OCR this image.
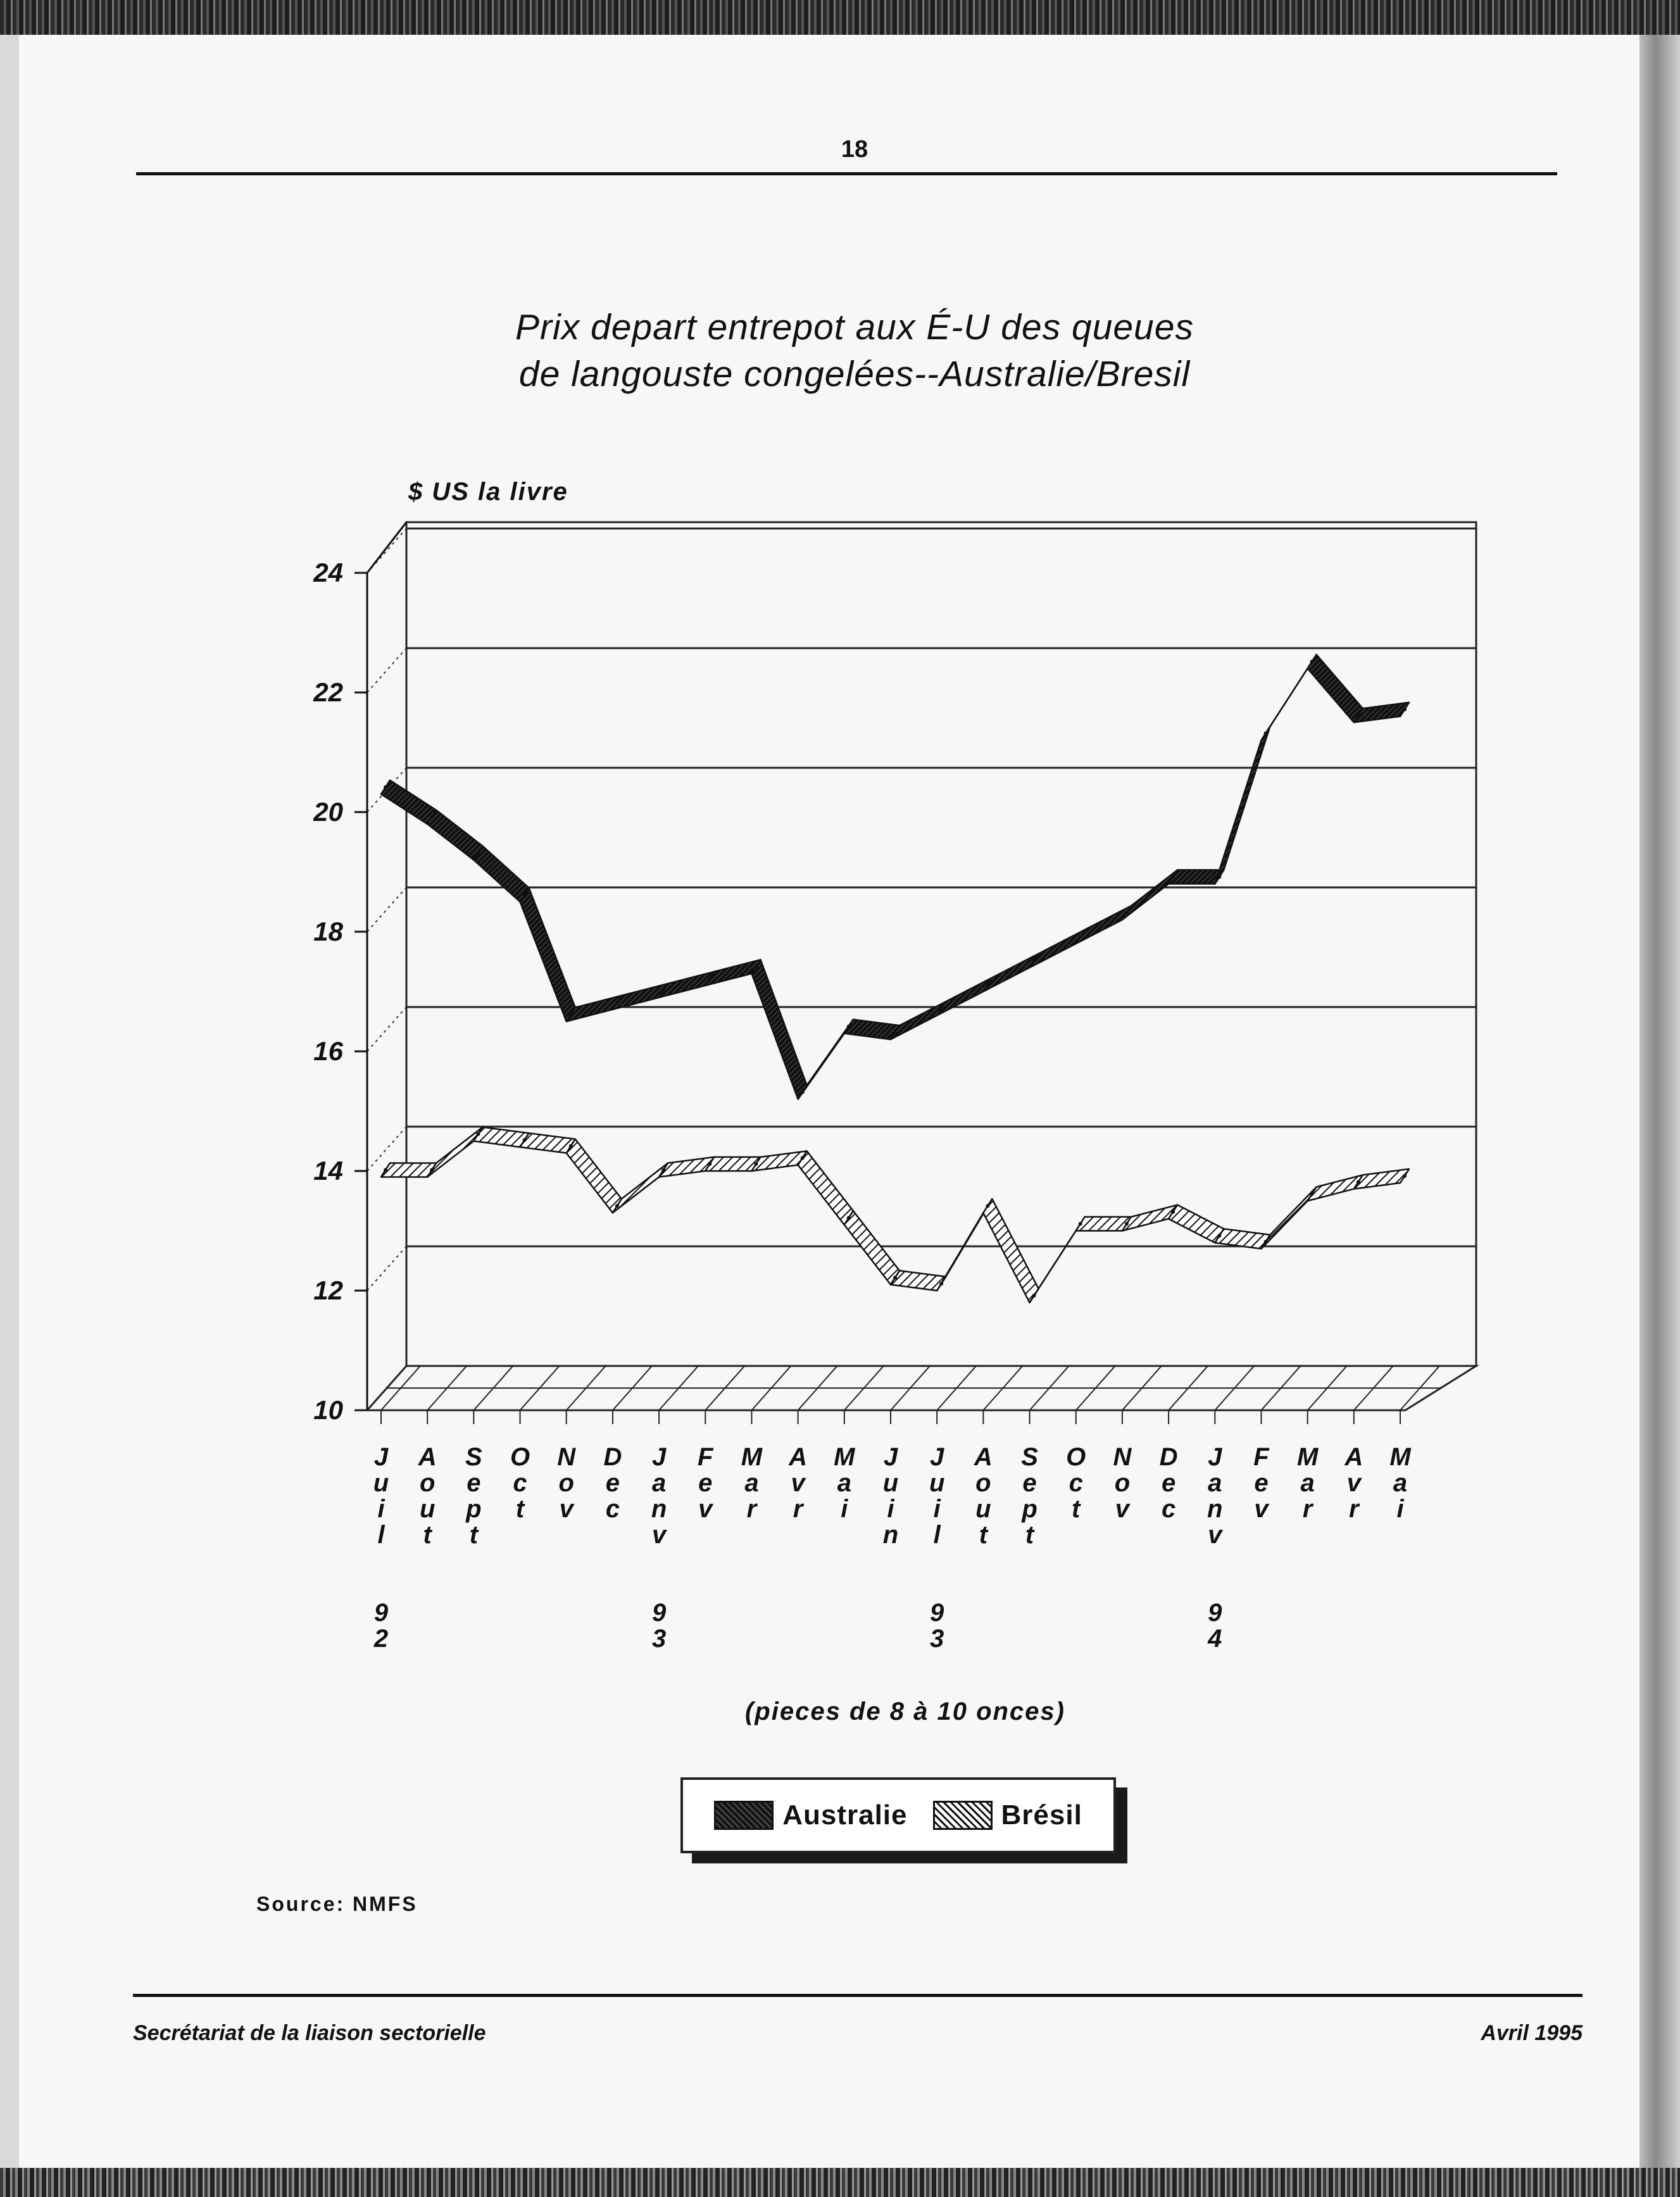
18
Prix depart entrepot aux É-U des queues
de langouste congelées--Australie/Bresil
$ US la livre
10
12
14
16
18
20
22
24
J
u
i
l
9
2
A
o
u
t
S
e
p
t
O
c
t
N
o
v
D
e
c
J
a
n
v
9
3
F
e
v
M
a
r
A
v
r
M
a
i
J
u
i
n
J
u
i
l
9
3
A
o
u
t
S
e
p
t
O
c
t
N
o
v
D
e
c
J
a
n
v
9
4
F
e
v
M
a
r
A
v
r
M
a
i
(pieces de 8 à 10 onces)
Australie	Brésil
Source: NMFS
Secrétariat de la liaison sectorielle	Avril 1995
